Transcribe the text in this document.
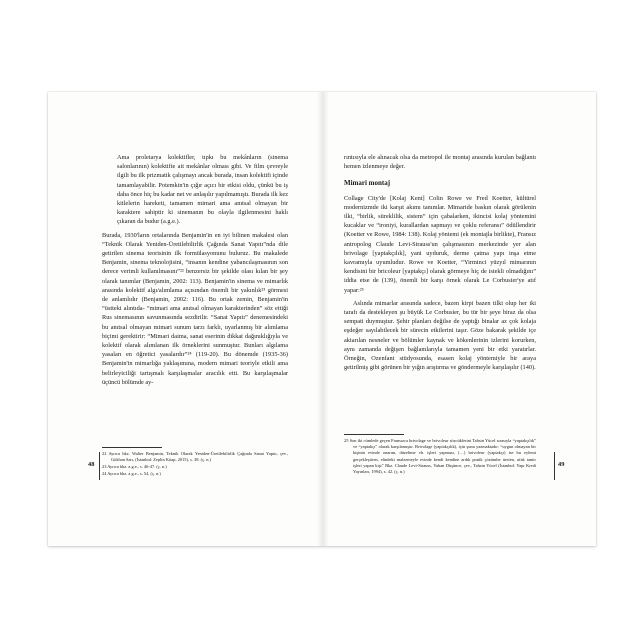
Ama proletarya kolektifler, tıpkı bu mekânların (sinema salonlarının) kolektifte ait mekânlar olması gibi. Ve film çevreyle ilgili bu ilk prizmatik çalışmayı ancak burada, insan kolektifi içinde tamamlayabilir. Potemkin'in çığır açıcı bir etkisi oldu, çünkü bu iş daha önce hiç bu kadar net ve anlaşılır yapılmamıştı. Burada ilk kez kitlelerin hareketi, tamamen mimari ama anıtsal olmayan bir karaktere sahiptir ki sinemanın bu olayla ilgilenmesini haklı çıkaran da budur (a.g.e.).

Burada, 1930'ların ortalarında Benjamin'in en iyi bilinen makalesi olan “Teknik Olarak Yeniden-Üretilebilirlik Çağında Sanat Yapıtı”nda dile getirilen sinema teorisinin ilk formülasyonunu buluruz. Bu makalede Benjamin, sinema teknolojisini, “insanın kendine yabancılaşmasının son derece verimli kullanılmasını”²² benzersiz bir şekilde olası kılan bir şey olarak tanımlar (Benjamin, 2002: 113). Benjamin'in sinema ve mimarlık arasında kolektif algı/alımlama açısından önemli bir yakınlık²³ görmesi de anlamlıdır (Benjamin, 2002: 116). Bu ortak zemin, Benjamin'in “üstteki alıntıda- “mimari ama anıtsal olmayan karakterinden” söz ettiği Rus sinemasının savunmasında sezdirilir. “Sanat Yapıtı” denemesindeki bu anıtsal olmayan mimari sunum tarzı farklı, uyarlanmış bir alımlama biçimi gerektirir: “Mimari daima, sanat eserinin dikkat dağınıklığıyla ve kolektif olarak alımlanan ilk örneklerini sunmuştur. Bunları algılama yasaları en öğretici yasalardır”²⁴ (119-20). Bu dönemde (1935-36) Benjamin'in mimarlığa yaklaşımına, modern mimari teoriyle etkili ama belirleyiciliği tartışmalı karşılaşmalar aracılık etti. Bu karşılaşmalar üçüncü bölümde ay-

22 Ayrıca bkz. Walter Benjamin, Teknik Olarak Yeniden-Üretilebilirlik Çağında Sanat Yapıtı, çev., Gökhan Sarı, (İstanbul: Zeplin Kitap, 2015), s. 38. (ç. n.)

23 Ayrıca bkz. a.g.e., s. 46-47. (ç. n.)

24 Ayrıca bkz. a.g.e., s. 54. (ç. n.)

48

rıntısıyla ele alınacak olsa da metropol ile montaj arasında kurulan bağlantı hemen izlenmeye değer.

Mimari montaj

Collage City'de [Kolaj Kent] Colin Rowe ve Fred Koetter, kültürel modernizmde iki karşıt akımı tanımlar. Mimaride baskın olarak görülenin ilki, “birlik, süreklilik, sistem” için çabalarken, ikincisi kolaj yöntemini kucaklar ve “ironiyi, kurallardan sapmayı ve çoklu referansı” ödüllendirir (Koetter ve Rowe, 1984: 138). Kolaj yöntemi (ek montajla birlikte), Fransız antropolog Claude Levi-Strauss'un çalışmasının merkezinde yer alan brivolage [yaptakçılık], yani uyduruk, derme çatma yapı inşa etme kavramıyla uyumludur. Rowe ve Koetter, “Yirminci yüzyıl mimarının kendisini bir bricoleur [yaptakçı] olarak görmeye hiç de istekli olmadığını” iddia etse de (139), önemli bir karşı örnek olarak Le Corbusier'ye atıf yapar:²⁵

Aslında mimarlar arasında sadece, bazen kirpi bazen tilki olup her iki tarafı da destekleyen şu büyük Le Corbusier, bu tür bir şeye biraz da olsa sempati duymuştur. Şehir planları değilse de yaptığı binalar az çok kolaja eşdeğer sayılabilecek bir sürecin etkilerini taşır. Göze bakarak şekilde içe aktarılan nesneler ve bölümler kaynak ve kökenlerinin izlerini korurken, aynı zamanda değişen bağlamlarıyla tamamen yeni bir etki yaratırlar. Örneğin, Ozenfant stüdyosunda, esasen kolaj yöntemiyle bir araya getirilmiş gibi görünen bir yığın arıştırma ve göndermeyle karşılaşılır (140).

25 Son iki cümlede geçen Fransızca brivolage ve brivoleur sözcüklerini Tahsin Yücel sırasıyla “yaptakçılık” ve “yaptakçı” olarak karşılamıştır. Brivolage (yaptakçılık), için şunu yazmaktadır: “uygun olmayan bir kişinin evinde onarım, düzeltme vb. işleri yapması, (…) brivoleur (yaptakçı) ise bu eylemi gerçekleştiren, elindeki malzemeyle evinde kendi kendine ardık pratik çözümler üreten, ufak tamir işleri yapan kişi” Bkz. Claude Levi-Strauss, Yaban Düşünce, çev., Tahsin Yücel (İstanbul: Yapı Kredi Yayınları, 1994), s. 42. (ç. n.)

49
